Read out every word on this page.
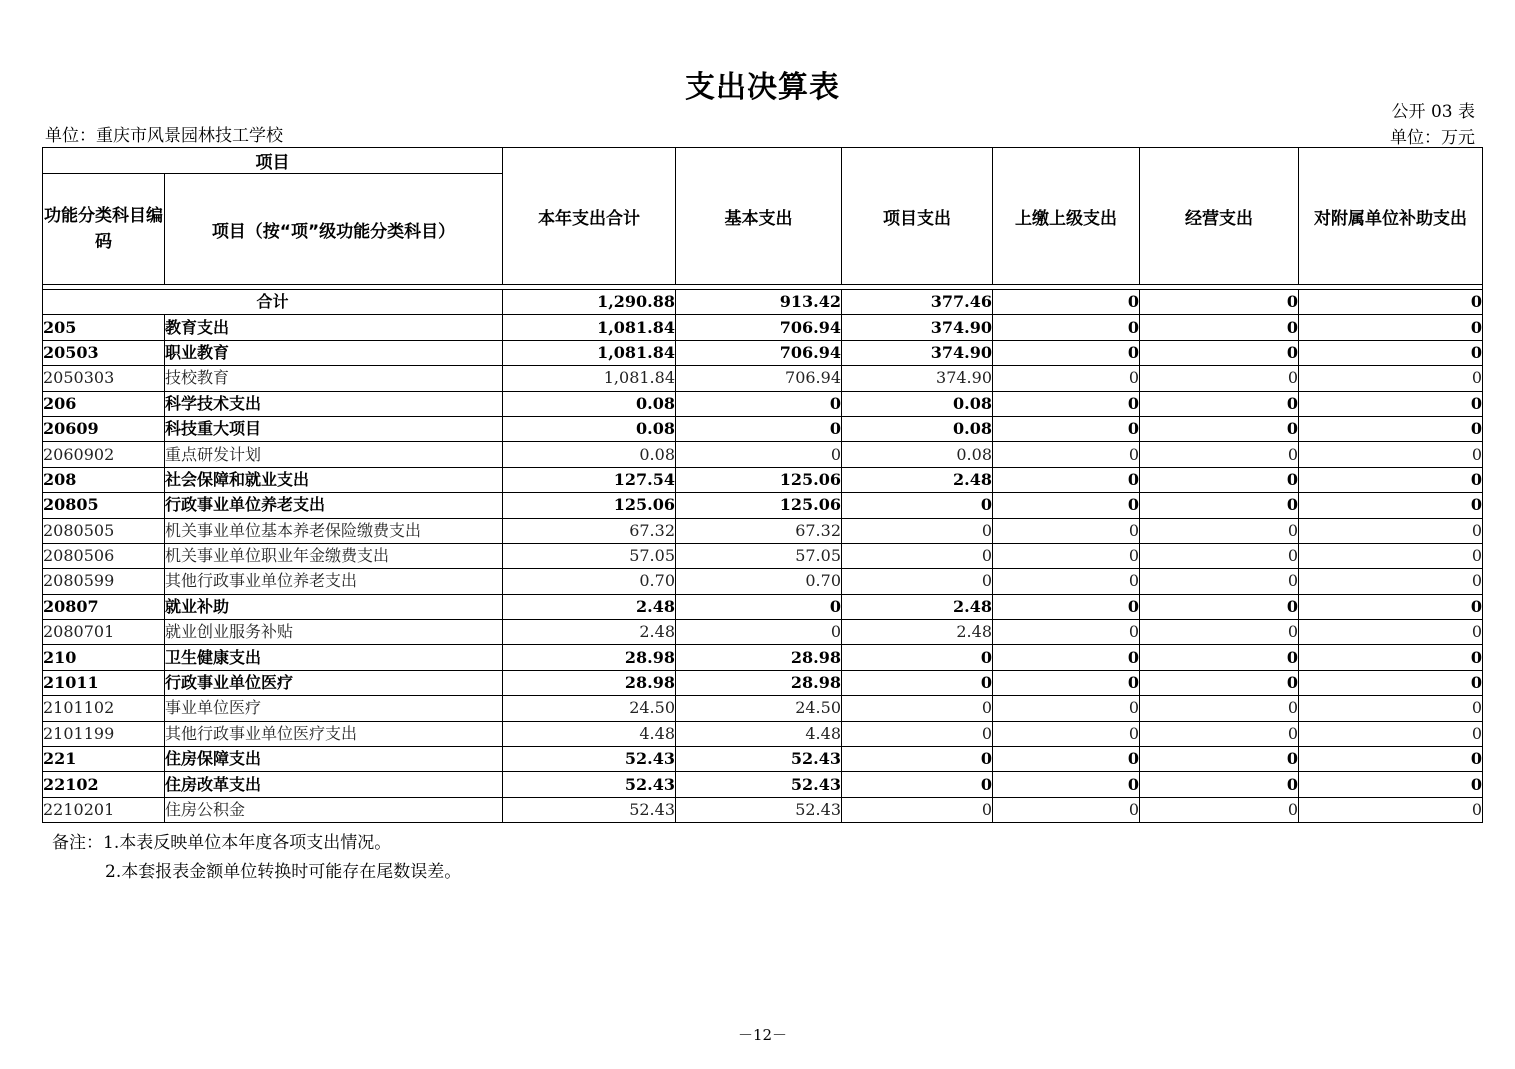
支出决算表
公开 03 表
单位：重庆市风景园林技工学校	单位：万元
项目		本年支出合计	基本支出	项目支出	上缴上级支出	经营支出	对附属单位补助支出
功能分类科目编码	项目（按“项”级功能分类科目）						

合计		1,290.88	913.42	377.46	0	0	0
205	教育支出	1,081.84	706.94	374.90	0	0	0
20503	职业教育	1,081.84	706.94	374.90	0	0	0
2050303	技校教育	1,081.84	706.94	374.90	0	0	0
206	科学技术支出	0.08	0	0.08	0	0	0
20609	科技重大项目	0.08	0	0.08	0	0	0
2060902	重点研发计划	0.08	0	0.08	0	0	0
208	社会保障和就业支出	127.54	125.06	2.48	0	0	0
20805	行政事业单位养老支出	125.06	125.06	0	0	0	0
2080505	机关事业单位基本养老保险缴费支出	67.32	67.32	0	0	0	0
2080506	机关事业单位职业年金缴费支出	57.05	57.05	0	0	0	0
2080599	其他行政事业单位养老支出	0.70	0.70	0	0	0	0
20807	就业补助	2.48	0	2.48	0	0	0
2080701	就业创业服务补贴	2.48	0	2.48	0	0	0
210	卫生健康支出	28.98	28.98	0	0	0	0
21011	行政事业单位医疗	28.98	28.98	0	0	0	0
2101102	事业单位医疗	24.50	24.50	0	0	0	0
2101199	其他行政事业单位医疗支出	4.48	4.48	0	0	0	0
221	住房保障支出	52.43	52.43	0	0	0	0
22102	住房改革支出	52.43	52.43	0	0	0	0
2210201	住房公积金	52.43	52.43	0	0	0	0
备注：1.本表反映单位本年度各项支出情况。
2.本套报表金额单位转换时可能存在尾数误差。
－12－
